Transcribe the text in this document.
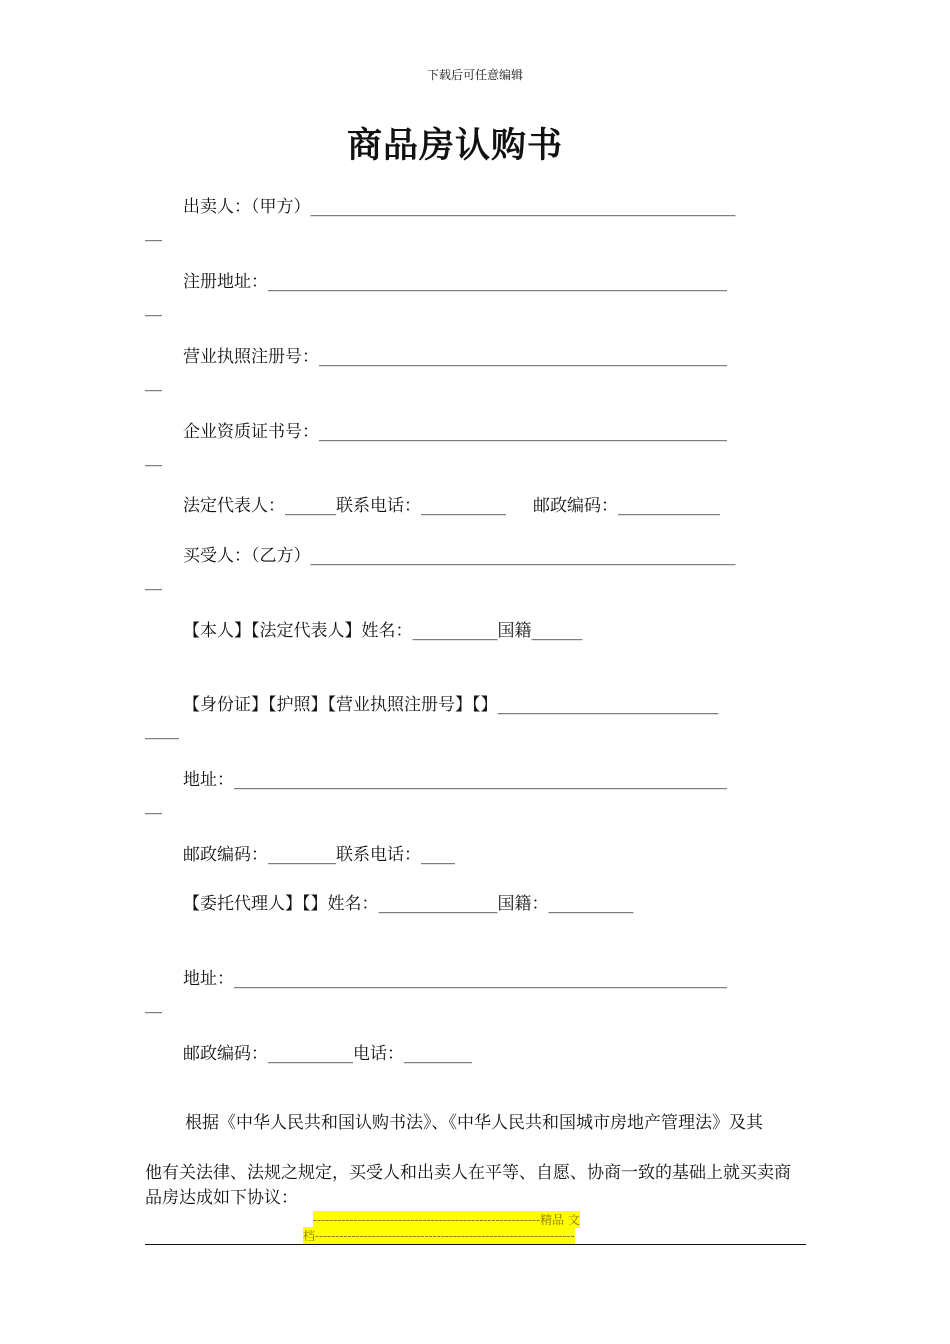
下载后可任意编辑
商品房认购书
出卖人：（甲方）__________________________________________________
__
注册地址：______________________________________________________
__
营业执照注册号：________________________________________________
__
企业资质证书号：________________________________________________
__
法定代表人：______联系电话：__________     邮政编码：____________
买受人：（乙方）__________________________________________________
__
【本人】【法定代表人】姓名：__________国籍______
【身份证】【护照】【营业执照注册号】【】__________________________
____
地址：__________________________________________________________
__
邮政编码：________联系电话：____
【委托代理人】【】姓名：______________国籍：__________
地址：__________________________________________________________
__
邮政编码：__________电话：________
根据《中华人民共和国认购书法》、《中华人民共和国城市房地产管理法》及其
他有关法律、法规之规定，买受人和出卖人在平等、自愿、协商一致的基础上就买卖商品房达成如下协议：
--------------------------------------------------------精品 文
档----------------------------------------------------------------
